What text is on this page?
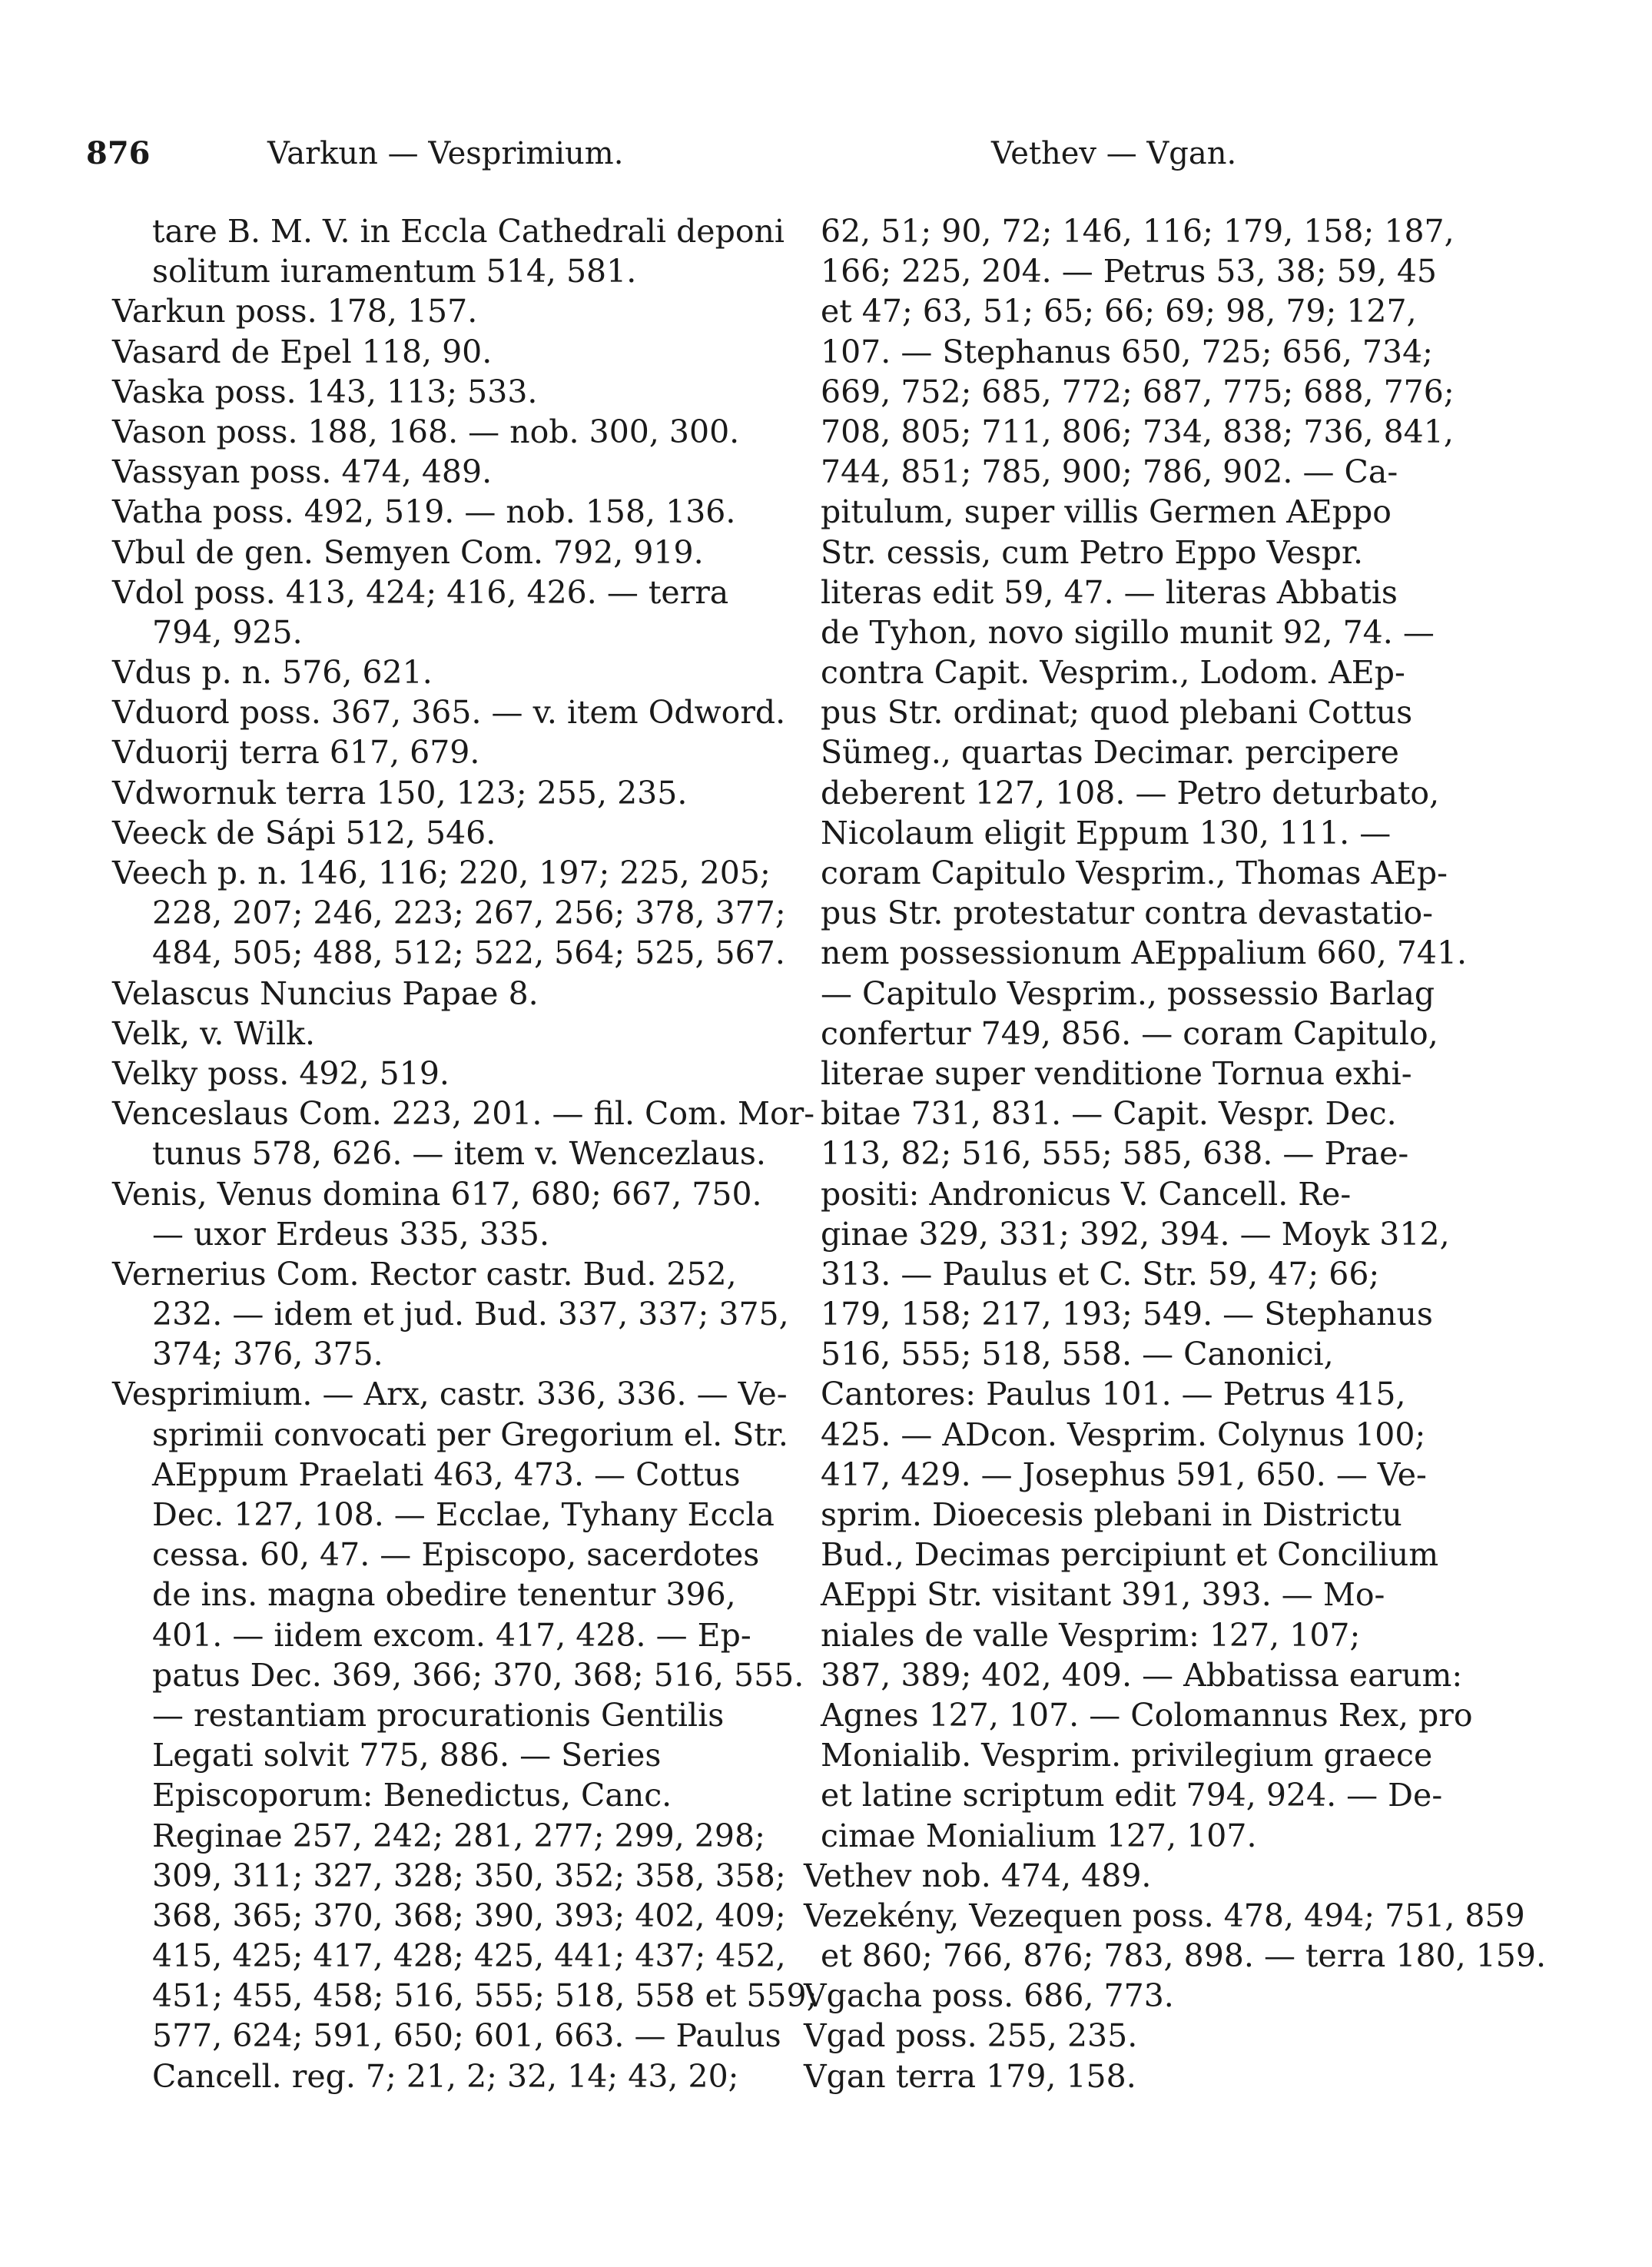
876	Varkun — Vesprimium.	Vethev — Vgan.
tare B. M. V. in Eccla Cathedrali deponi
solitum iuramentum 514, 581.
Varkun poss. 178, 157.
Vasard de Epel 118, 90.
Vaska poss. 143, 113; 533.
Vason poss. 188, 168. — nob. 300, 300.
Vassyan poss. 474, 489.
Vatha poss. 492, 519. — nob. 158, 136.
Vbul de gen. Semyen Com. 792, 919.
Vdol poss. 413, 424; 416, 426. — terra
794, 925.
Vdus p. n. 576, 621.
Vduord poss. 367, 365. — v. item Odword.
Vduorij terra 617, 679.
Vdwornuk terra 150, 123; 255, 235.
Veeck de Sápi 512, 546.
Veech p. n. 146, 116; 220, 197; 225, 205;
228, 207; 246, 223; 267, 256; 378, 377;
484, 505; 488, 512; 522, 564; 525, 567.
Velascus Nuncius Papae 8.
Velk, v. Wilk.
Velky poss. 492, 519.
Venceslaus Com. 223, 201. — fil. Com. Mor-
tunus 578, 626. — item v. Wencezlaus.
Venis, Venus domina 617, 680; 667, 750.
— uxor Erdeus 335, 335.
Vernerius Com. Rector castr. Bud. 252,
232. — idem et jud. Bud. 337, 337; 375,
374; 376, 375.
Vesprimium. — Arx, castr. 336, 336. — Ve-
sprimii convocati per Gregorium el. Str.
AEppum Praelati 463, 473. — Cottus
Dec. 127, 108. — Ecclae, Tyhany Eccla
cessa. 60, 47. — Episcopo, sacerdotes
de ins. magna obedire tenentur 396,
401. — iidem excom. 417, 428. — Ep-
patus Dec. 369, 366; 370, 368; 516, 555.
— restantiam procurationis Gentilis
Legati solvit 775, 886. — Series
Episcoporum: Benedictus, Canc.
Reginae 257, 242; 281, 277; 299, 298;
309, 311; 327, 328; 350, 352; 358, 358;
368, 365; 370, 368; 390, 393; 402, 409;
415, 425; 417, 428; 425, 441; 437; 452,
451; 455, 458; 516, 555; 518, 558 et 559;
577, 624; 591, 650; 601, 663. — Paulus
Cancell. reg. 7; 21, 2; 32, 14; 43, 20;
62, 51; 90, 72; 146, 116; 179, 158; 187,
166; 225, 204. — Petrus 53, 38; 59, 45
et 47; 63, 51; 65; 66; 69; 98, 79; 127,
107. — Stephanus 650, 725; 656, 734;
669, 752; 685, 772; 687, 775; 688, 776;
708, 805; 711, 806; 734, 838; 736, 841,
744, 851; 785, 900; 786, 902. — Ca-
pitulum, super villis Germen AEppo
Str. cessis, cum Petro Eppo Vespr.
literas edit 59, 47. — literas Abbatis
de Tyhon, novo sigillo munit 92, 74. —
contra Capit. Vesprim., Lodom. AEp-
pus Str. ordinat; quod plebani Cottus
Sümeg., quartas Decimar. percipere
deberent 127, 108. — Petro deturbato,
Nicolaum eligit Eppum 130, 111. —
coram Capitulo Vesprim., Thomas AEp-
pus Str. protestatur contra devastatio-
nem possessionum AEppalium 660, 741.
— Capitulo Vesprim., possessio Barlag
confertur 749, 856. — coram Capitulo,
literae super venditione Tornua exhi-
bitae 731, 831. — Capit. Vespr. Dec.
113, 82; 516, 555; 585, 638. — Prae-
positi: Andronicus V. Cancell. Re-
ginae 329, 331; 392, 394. — Moyk 312,
313. — Paulus et C. Str. 59, 47; 66;
179, 158; 217, 193; 549. — Stephanus
516, 555; 518, 558. — Canonici,
Cantores: Paulus 101. — Petrus 415,
425. — ADcon. Vesprim. Colynus 100;
417, 429. — Josephus 591, 650. — Ve-
sprim. Dioecesis plebani in Districtu
Bud., Decimas percipiunt et Concilium
AEppi Str. visitant 391, 393. — Mo-
niales de valle Vesprim: 127, 107;
387, 389; 402, 409. — Abbatissa earum:
Agnes 127, 107. — Colomannus Rex, pro
Monialib. Vesprim. privilegium graece
et latine scriptum edit 794, 924. — De-
cimae Monialium 127, 107.
Vethev nob. 474, 489.
Vezekény, Vezequen poss. 478, 494; 751, 859
et 860; 766, 876; 783, 898. — terra 180, 159.
Vgacha poss. 686, 773.
Vgad poss. 255, 235.
Vgan terra 179, 158.
